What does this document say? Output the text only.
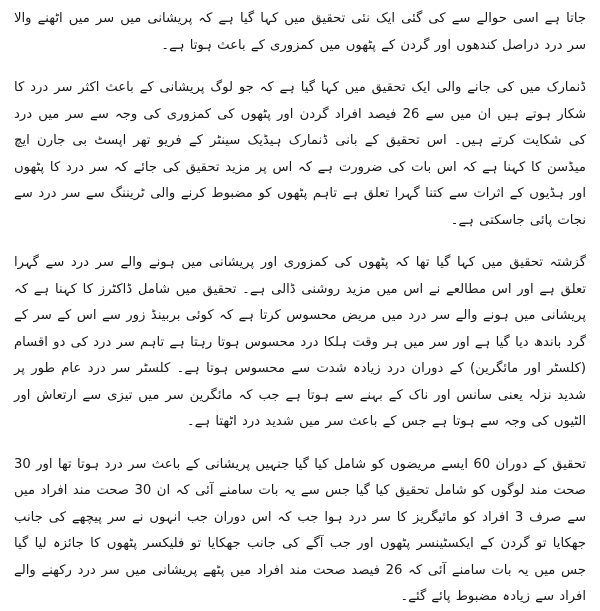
جاتا ہے اسی حوالے سے کی گئی ایک نئی تحقیق میں کہا گیا ہے کہ پریشانی میں سر میں اٹھنے والا سر درد دراصل کندھوں اور گردن کے پٹھوں میں کمزوری کے باعث ہوتا ہے۔

ڈنمارک میں کی جانے والی ایک تحقیق میں کہا گیا ہے کہ جو لوگ پریشانی کے باعث اکثر سر درد کا شکار ہوتے ہیں ان میں سے 26 فیصد افراد گردن اور پٹھوں کی کمزوری کی وجہ سے سر میں درد کی شکایت کرتے ہیں۔ اس تحقیق کے بانی ڈنمارک ہیڈیک سینٹر کے فریو تھر اپسٹ بی جارن ایچ میڈسن کا کہنا ہے کہ اس بات کی ضرورت ہے کہ اس پر مزید تحقیق کی جائے کہ سر درد کا پٹھوں اور ہڈیوں کے اثرات سے کتنا گہرا تعلق ہے تاہم پٹھوں کو مضبوط کرنے والی ٹریننگ سے سر درد سے نجات پائی جاسکتی ہے۔

گزشتہ تحقیق میں کہا گیا تھا کہ پٹھوں کی کمزوری اور پریشانی میں ہونے والے سر درد سے گہرا تعلق ہے اور اس مطالعے نے اس میں مزید روشنی ڈالی ہے۔ تحقیق میں شامل ڈاکٹرز کا کہنا ہے کہ پریشانی میں ہونے والے سر درد میں مریض محسوس کرتا ہے کہ کوئی بربینڈ زور سے اس کے سر کے گرد باندھ دیا گیا ہے اور سر میں ہر وقت ہلکا درد محسوس ہوتا رہتا ہے تاہم سر درد کی دو اقسام (کلسٹر اور مائگرین) کے دوران درد زیادہ شدت سے محسوس ہوتا ہے۔ کلسٹر سر درد عام طور پر شدید نزلہ یعنی سانس اور ناک کے بہنے سے ہوتا ہے جب کہ مائگرین سر میں تیزی سے ارتعاش اور الٹیوں کی وجہ سے ہوتا ہے جس کے باعث سر میں شدید درد اٹھتا ہے۔

تحقیق کے دوران 60 ایسے مریضوں کو شامل کیا گیا جنہیں پریشانی کے باعث سر درد ہوتا تھا اور 30 صحت مند لوگوں کو شامل تحقیق کیا گیا جس سے یہ بات سامنے آئی کہ ان 30 صحت مند افراد میں سے صرف 3 افراد کو مائیگریز کا سر درد ہوا جب کہ اس دوران جب انہوں نے سر پیچھے کی جانب جھکایا تو گردن کے ایکسٹینسر پٹھوں اور جب آگے کی جانب جھکایا تو فلیکسر پٹھوں کا جائزہ لیا گیا جس میں یہ بات سامنے آئی کہ 26 فیصد صحت مند افراد میں پٹھے پریشانی میں سر درد رکھنے والے افراد سے زیادہ مضبوط پائے گئے۔
